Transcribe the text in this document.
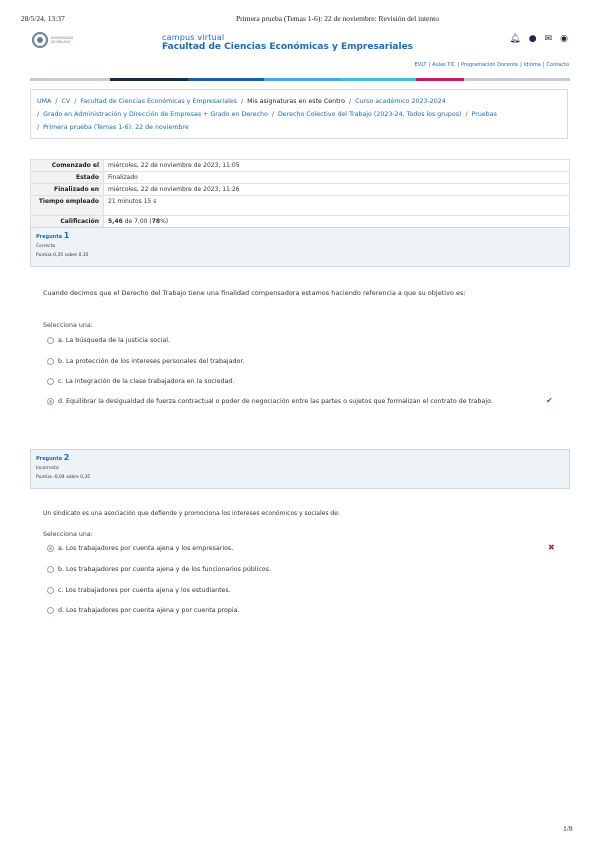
28/5/24, 13:37	Primera prueba (Temas 1-6): 22 de noviembre: Revisión del intento
UNIVERSIDAD
DE MÁLAGA	campus virtual
Facultad de Ciencias Económicas y Empresariales
🔔︎ ● ✉ ◉
EVLT | Aulas TIC | Programación Docente | Idioma | Contacto
UMA / CV / Facultad de Ciencias Económicas y Empresariales / Mis asignaturas en este Centro / Curso académico 2023-2024
/ Grado en Administración y Dirección de Empresas + Grado en Derecho / Derecho Colectivo del Trabajo (2023-24, Todos los grupos) / Pruebas
/ Primera prueba (Temas 1-6): 22 de noviembre
Comenzado el	miércoles, 22 de noviembre de 2023, 11:05
Estado	Finalizado
Finalizado en	miércoles, 22 de noviembre de 2023, 11:26
Tiempo empleado	21 minutos 15 s
Calificación	5,46 de 7,00 (78%)
Pregunta 1
Correcta
Puntúa 0,35 sobre 0,35
Cuando decimos que el Derecho del Trabajo tiene una finalidad compensadora estamos haciendo referencia a que su objetivo es:
Selecciona una:
a. La búsqueda de la justicia social.
b. La protección de los intereses personales del trabajador.
c. La integración de la clase trabajadora en la sociedad.
d. Equilibrar la desigualdad de fuerza contractual o poder de negociación entre las partes o sujetos que formalizan el contrato de trabajo.	✔
Pregunta 2
Incorrecta
Puntúa -0,04 sobre 0,35
Un sindicato es una asociación que defiende y promociona los intereses económicos y sociales de:
Selecciona una:
a. Los trabajadores por cuenta ajena y los empresarios.	✖
b. Los trabajadores por cuenta ajena y de los funcionarios públicos.
c. Los trabajadores por cuenta ajena y los estudiantes.
d. Los trabajadores por cuenta ajena y por cuenta propia.
1/8
